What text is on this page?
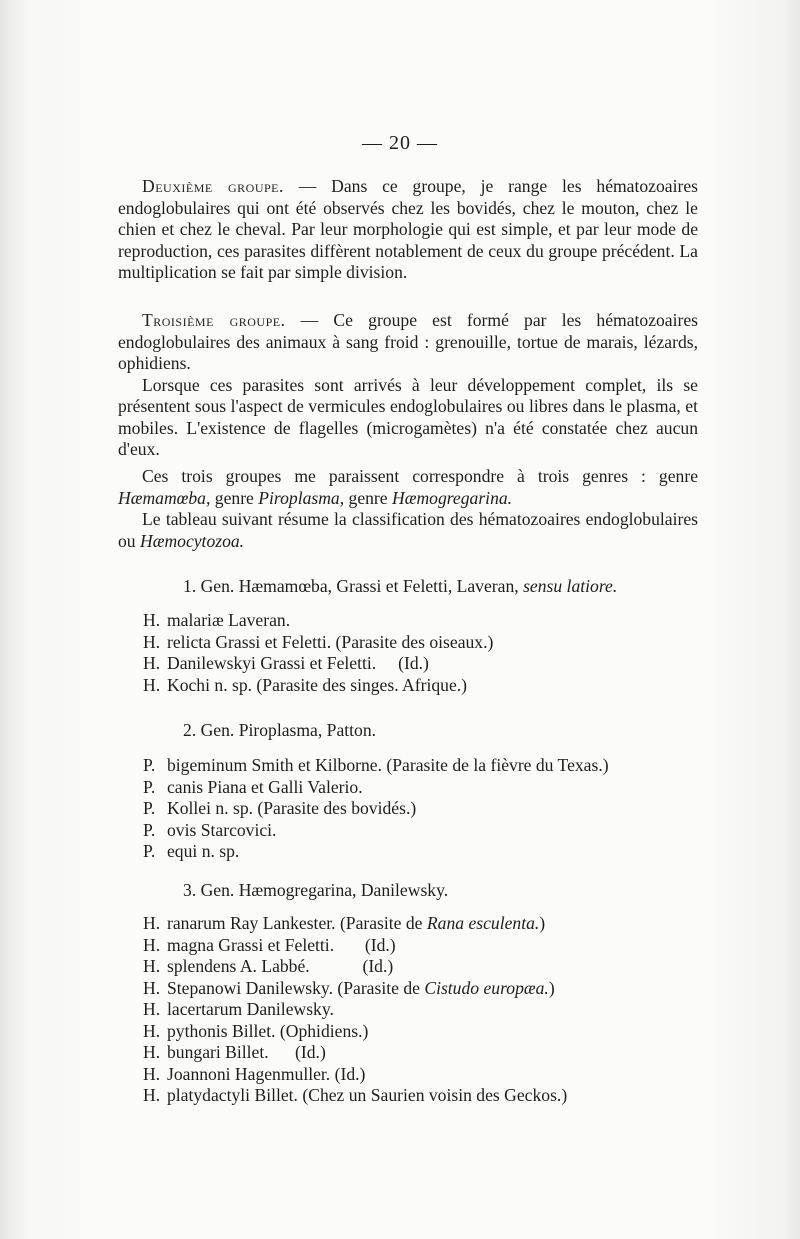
— 20 —

Deuxième groupe. — Dans ce groupe, je range les hématozoaires endoglobulaires qui ont été observés chez les bovidés, chez le mouton, chez le chien et chez le cheval. Par leur morphologie qui est simple, et par leur mode de reproduction, ces parasites diffèrent notablement de ceux du groupe précédent. La multiplication se fait par simple division.

Troisième groupe. — Ce groupe est formé par les hématozoaires endoglobulaires des animaux à sang froid : grenouille, tortue de marais, lézards, ophidiens.

Lorsque ces parasites sont arrivés à leur développement complet, ils se présentent sous l'aspect de vermicules endoglobulaires ou libres dans le plasma, et mobiles. L'existence de flagelles (microgamètes) n'a été constatée chez aucun d'eux.

Ces trois groupes me paraissent correspondre à trois genres : genre Hæmamœba, genre Piroplasma, genre Hæmogregarina.

Le tableau suivant résume la classification des hématozoaires endoglobulaires ou Hæmocytozoa.

1. Gen. Hæmamœba, Grassi et Feletti, Laveran, sensu latiore.
H. malariæ Laveran.
H. relicta Grassi et Feletti. (Parasite des oiseaux.)
H. Danilewskyi Grassi et Feletti.     (Id.)
H. Kochi n. sp. (Parasite des singes. Afrique.)
2. Gen. Piroplasma, Patton.
P. bigeminum Smith et Kilborne. (Parasite de la fièvre du Texas.)
P. canis Piana et Galli Valerio.
P. Kollei n. sp. (Parasite des bovidés.)
P. ovis Starcovici.
P. equi n. sp.
3. Gen. Hæmogregarina, Danilewsky.
H. ranarum Ray Lankester. (Parasite de Rana esculenta.)
H. magna Grassi et Feletti.       (Id.)
H. splendens A. Labbé.            (Id.)
H. Stepanowi Danilewsky. (Parasite de Cistudo europæa.)
H. lacertarum Danilewsky.
H. pythonis Billet. (Ophidiens.)
H. bungari Billet.      (Id.)
H. Joannoni Hagenmuller. (Id.)
H. platydactyli Billet. (Chez un Saurien voisin des Geckos.)
